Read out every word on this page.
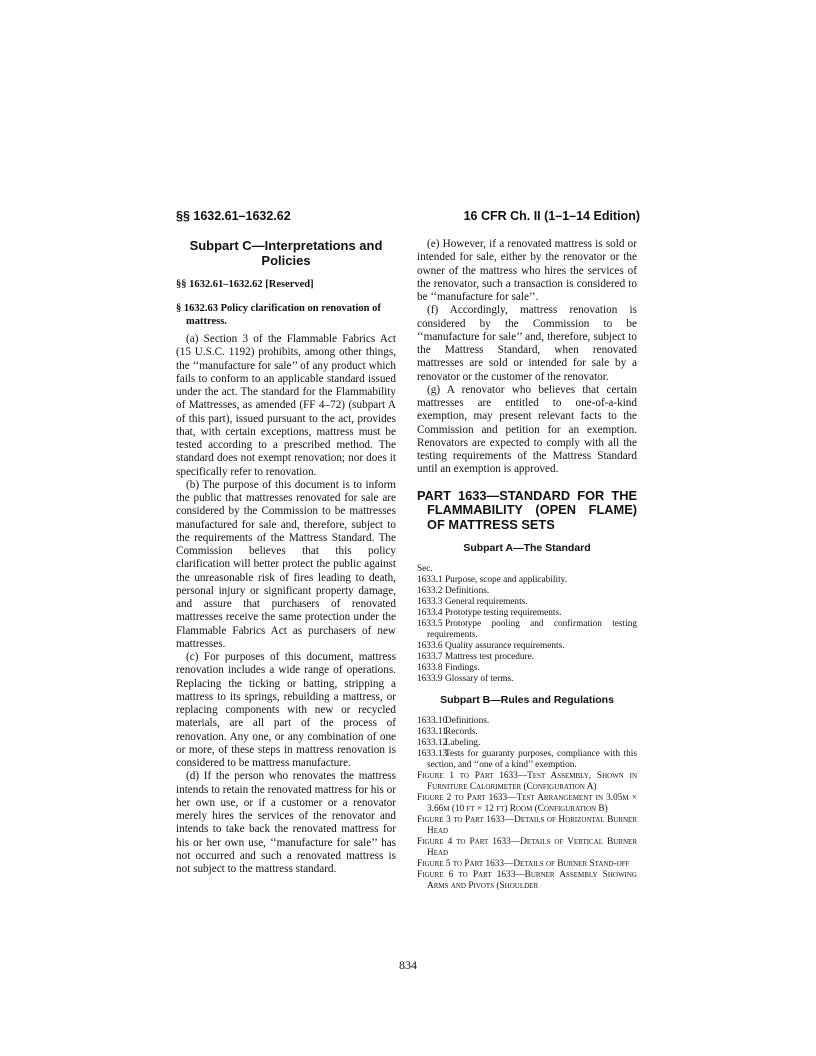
§§ 1632.61–1632.62	16 CFR Ch. II (1–1–14 Edition)
Subpart C—Interpretations and Policies
§§ 1632.61–1632.62 [Reserved]
§ 1632.63 Policy clarification on renovation of mattress.

(a) Section 3 of the Flammable Fabrics Act (15 U.S.C. 1192) prohibits, among other things, the ‘‘manufacture for sale’’ of any product which fails to conform to an applicable standard issued under the act. The standard for the Flammability of Mattresses, as amended (FF 4–72) (subpart A of this part), issued pursuant to the act, provides that, with certain exceptions, mattress must be tested according to a prescribed method. The standard does not exempt renovation; nor does it specifically refer to renovation.

(b) The purpose of this document is to inform the public that mattresses renovated for sale are considered by the Commission to be mattresses manufactured for sale and, therefore, subject to the requirements of the Mattress Standard. The Commission believes that this policy clarification will better protect the public against the unreasonable risk of fires leading to death, personal injury or significant property damage, and assure that purchasers of renovated mattresses receive the same protection under the Flammable Fabrics Act as purchasers of new mattresses.

(c) For purposes of this document, mattress renovation includes a wide range of operations. Replacing the ticking or batting, stripping a mattress to its springs, rebuilding a mattress, or replacing components with new or recycled materials, are all part of the process of renovation. Any one, or any combination of one or more, of these steps in mattress renovation is considered to be mattress manufacture.

(d) If the person who renovates the mattress intends to retain the renovated mattress for his or her own use, or if a customer or a renovator merely hires the services of the renovator and intends to take back the renovated mattress for his or her own use, ‘‘manufacture for sale’’ has not occurred and such a renovated mattress is not subject to the mattress standard.

(e) However, if a renovated mattress is sold or intended for sale, either by the renovator or the owner of the mattress who hires the services of the renovator, such a transaction is considered to be ‘‘manufacture for sale’’.

(f) Accordingly, mattress renovation is considered by the Commission to be ‘‘manufacture for sale’’ and, therefore, subject to the Mattress Standard, when renovated mattresses are sold or intended for sale by a renovator or the customer of the renovator.

(g) A renovator who believes that certain mattresses are entitled to one-of-a-kind exemption, may present relevant facts to the Commission and petition for an exemption. Renovators are expected to comply with all the testing requirements of the Mattress Standard until an exemption is approved.

PART 1633—STANDARD FOR THE FLAMMABILITY (OPEN FLAME) OF MATTRESS SETS
Subpart A—The Standard
Sec.
1633.1 Purpose, scope and applicability.
1633.2 Definitions.
1633.3 General requirements.
1633.4 Prototype testing requirements.
1633.5 Prototype pooling and confirmation testing requirements.
1633.6 Quality assurance requirements.
1633.7 Mattress test procedure.
1633.8 Findings.
1633.9 Glossary of terms.
Subpart B—Rules and Regulations
1633.10Definitions.
1633.11Records.
1633.12Labeling.
1633.13Tests for guaranty purposes, compliance with this section, and ‘‘one of a kind’’ exemption.
Figure 1 to Part 1633—Test Assembly, Shown in Furniture Calorimeter (Configuration A)
Figure 2 to Part 1633—Test Arrangement in 3.05m × 3.66m (10 ft × 12 ft) Room (Configuration B)
Figure 3 to Part 1633—Details of Horizontal Burner Head
Figure 4 to Part 1633—Details of Vertical Burner Head
Figure 5 to Part 1633—Details of Burner Stand-off
Figure 6 to Part 1633—Burner Assembly Showing Arms and Pivots (Shoulder
834
